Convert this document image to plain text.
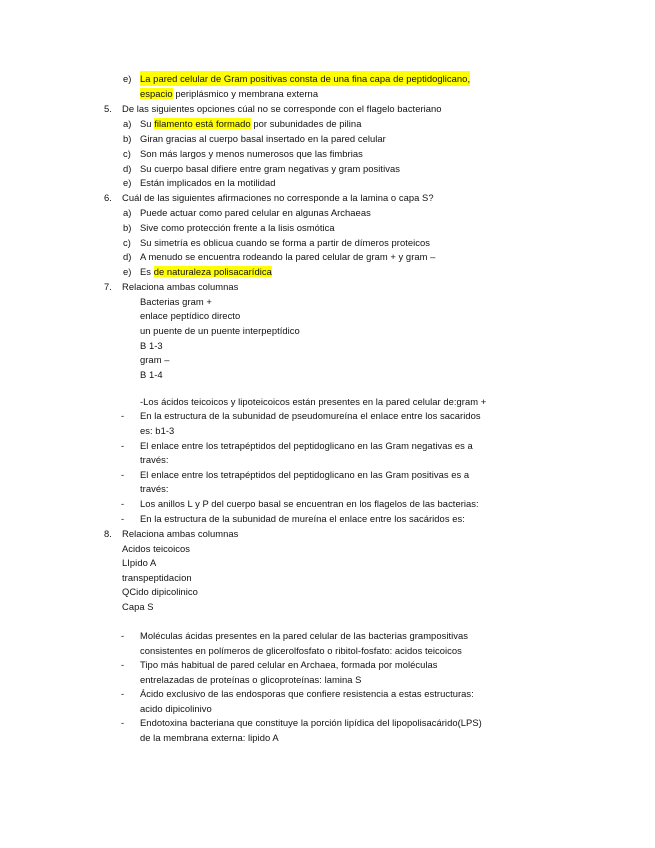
e) La pared celular de Gram positivas consta de una fina capa de peptidoglicano,
espacio periplásmico y membrana externa
5. De las siguientes opciones cúal no se corresponde con el flagelo bacteriano
a) Su filamento está formado por subunidades de pilina
b) Giran gracias al cuerpo basal insertado en la pared celular
c) Son más largos y menos numerosos que las fimbrias
d) Su cuerpo basal difiere entre gram negativas y gram positivas
e) Están implicados en la motilidad
6. Cuál de las siguientes afirmaciones no corresponde a la lamina o capa S?
a) Puede actuar como pared celular en algunas Archaeas
b) Sive como protección frente a la lisis osmótica
c) Su simetría es oblicua cuando se forma a partir de dímeros proteicos
d) A menudo se encuentra rodeando la pared celular de gram + y gram –
e) Es de naturaleza polisacarídica
7. Relaciona ambas columnas
Bacterias gram +
enlace peptídico directo
un puente de un puente interpeptídico
B 1-3
gram –
B 1-4
-Los ácidos teicoicos y lipoteicoicos están presentes en la pared celular de:gram +
- En la estructura de la subunidad de pseudomureína el enlace entre los sacaridos
es: b1-3
- El enlace entre los tetrapéptidos del peptidoglicano en las Gram negativas es a
través:
- El enlace entre los tetrapéptidos del peptidoglicano en las Gram positivas es a
través:
- Los anillos L y P del cuerpo basal se encuentran en los flagelos de las bacterias:
- En la estructura de la subunidad de mureína el enlace entre los sacáridos es:
8. Relaciona ambas columnas
Acidos teicoicos
LIpido A
transpeptidacion
QCido dipicolinico
Capa S
- Moléculas ácidas presentes en la pared celular de las bacterias grampositivas
consistentes en polímeros de glicerolfosfato o ribitol-fosfato: acidos teicoicos
- Tipo más habitual de pared celular en Archaea, formada por moléculas
entrelazadas de proteínas o glicoproteínas: lamina S
- Ácido exclusivo de las endosporas que confiere resistencia a estas estructuras:
acido dipicolinivo
- Endotoxina bacteriana que constituye la porción lipídica del lipopolisacárido(LPS)
de la membrana externa: lipido A
